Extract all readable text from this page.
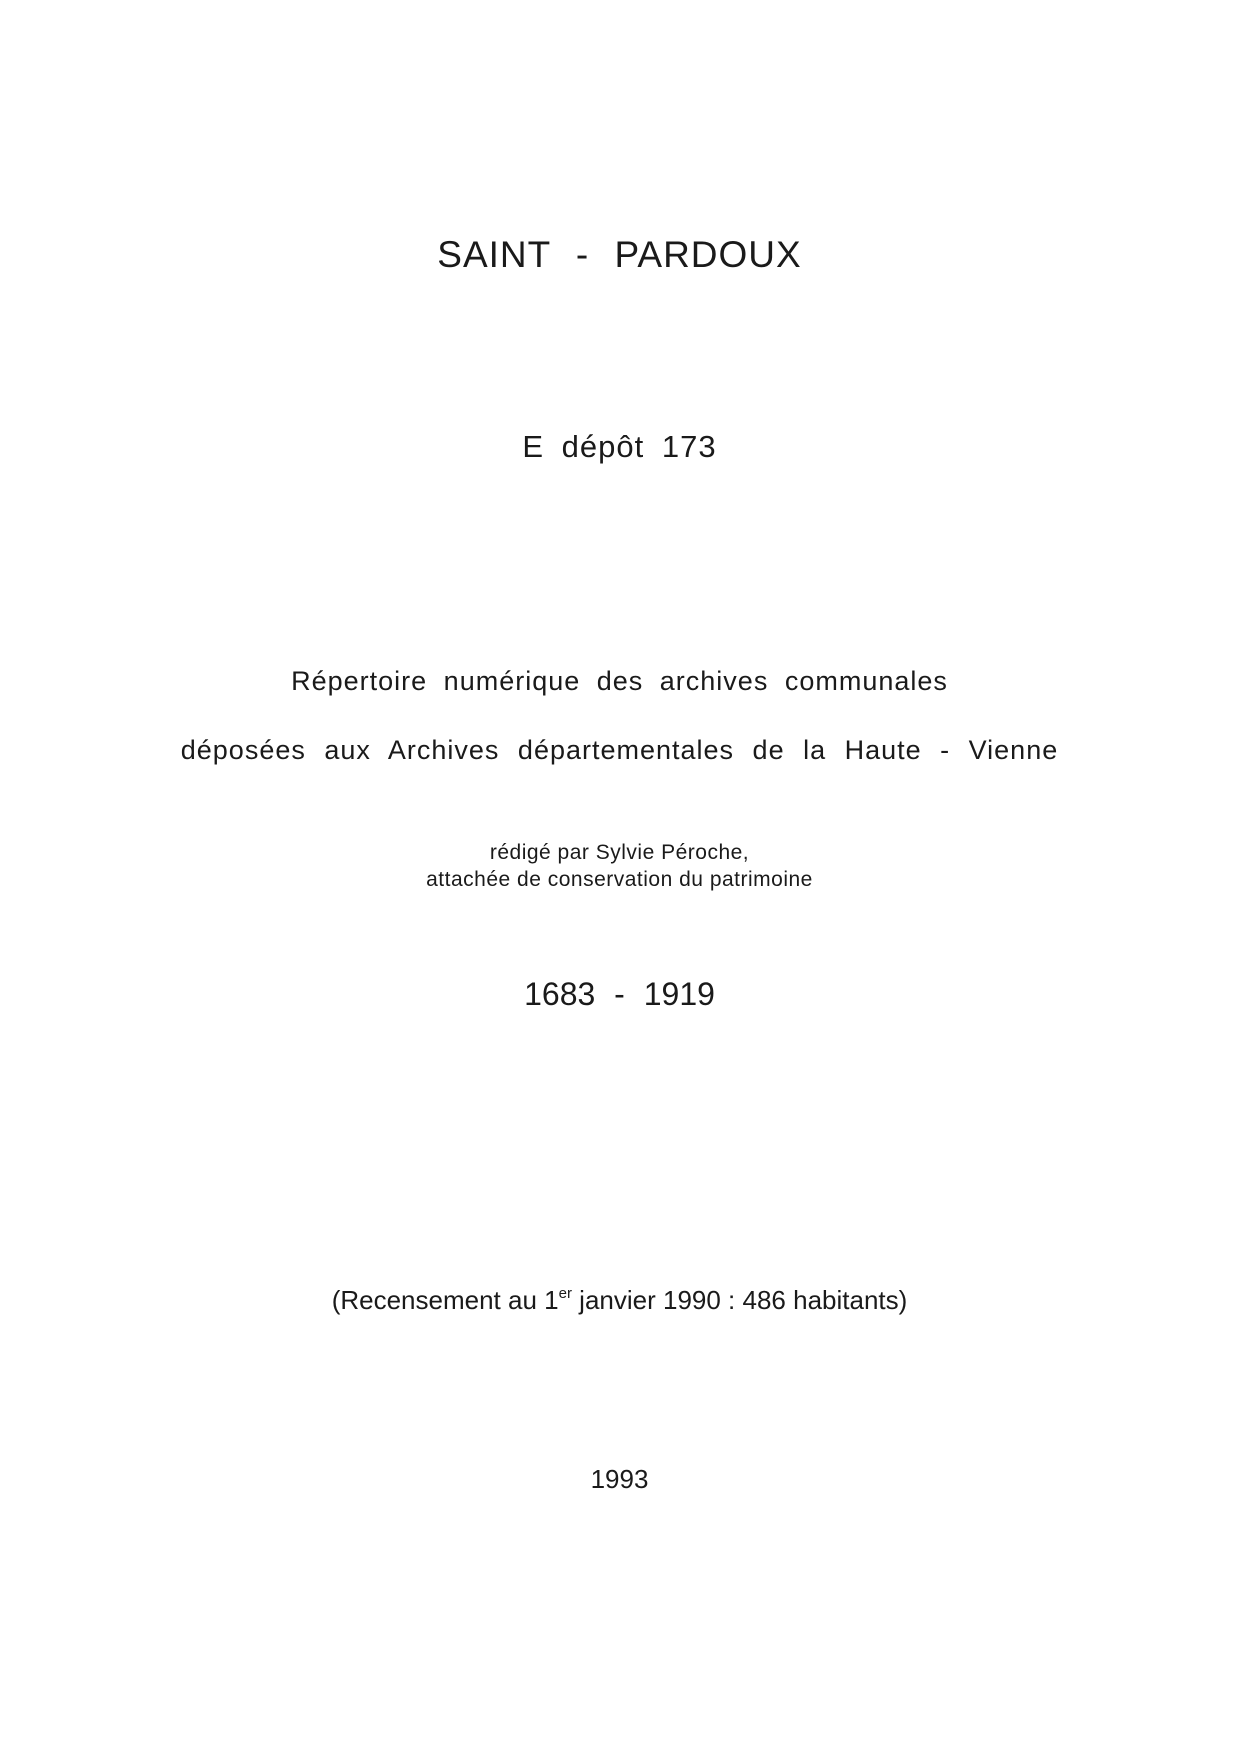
SAINT - PARDOUX
E dépôt 173
Répertoire numérique des archives communales
déposées aux Archives départementales de la Haute - Vienne
rédigé par Sylvie Péroche,
attachée de conservation du patrimoine
1683 - 1919
(Recensement au 1er janvier 1990 : 486 habitants)
1993
